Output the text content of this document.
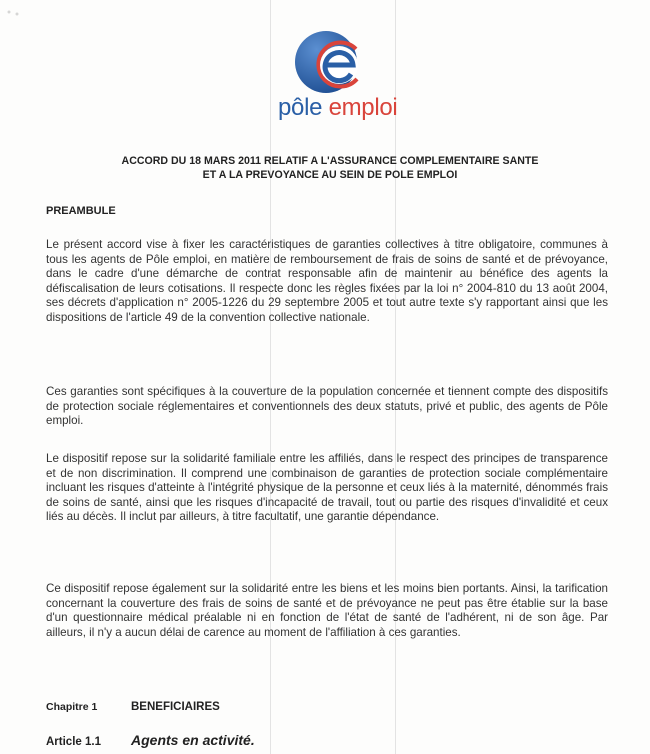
pôle emploi
ACCORD DU 18 MARS 2011 RELATIF A L'ASSURANCE COMPLEMENTAIRE SANTE
ET A LA PREVOYANCE AU SEIN DE POLE EMPLOI
PREAMBULE
Le présent accord vise à fixer les caractéristiques de garanties collectives à titre obligatoire, communes à tous les agents de Pôle emploi, en matière de remboursement de frais de soins de santé et de prévoyance, dans le cadre d'une démarche de contrat responsable afin de maintenir au bénéfice des agents la défiscalisation de leurs cotisations. Il respecte donc les règles fixées par la loi n° 2004-810 du 13 août 2004, ses décrets d'application n° 2005-1226 du 29 septembre 2005 et tout autre texte s'y rapportant ainsi que les dispositions de l'article 49 de la convention collective nationale.
Ces garanties sont spécifiques à la couverture de la population concernée et tiennent compte des dispositifs de protection sociale réglementaires et conventionnels des deux statuts, privé et public, des agents de Pôle emploi.
Le dispositif repose sur la solidarité familiale entre les affiliés, dans le respect des principes de transparence et de non discrimination. Il comprend une combinaison de garanties de protection sociale complémentaire incluant les risques d'atteinte à l'intégrité physique de la personne et ceux liés à la maternité, dénommés frais de soins de santé, ainsi que les risques d'incapacité de travail, tout ou partie des risques d'invalidité et ceux liés au décès. Il inclut par ailleurs, à titre facultatif, une garantie dépendance.
Ce dispositif repose également sur la solidarité entre les biens et les moins bien portants. Ainsi, la tarification concernant la couverture des frais de soins de santé et de prévoyance ne peut pas être établie sur la base d'un questionnaire médical préalable ni en fonction de l'état de santé de l'adhérent, ni de son âge. Par ailleurs, il n'y a aucun délai de carence au moment de l'affiliation à ces garanties.
Chapitre 1	BENEFICIAIRES
Article 1.1 Agents en activité.
